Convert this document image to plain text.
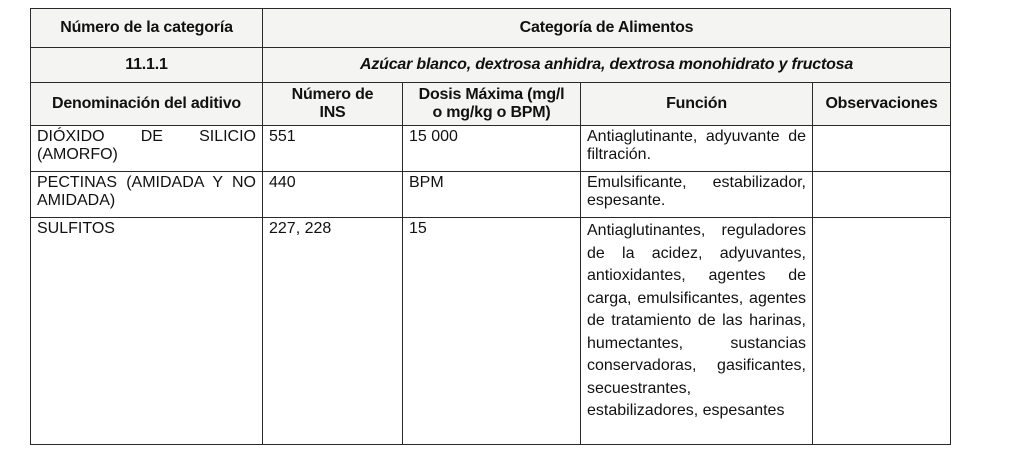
Número de la categoría	Categoría de Alimentos			
11.1.1	Azúcar blanco, dextrosa anhidra, dextrosa monohidrato y fructosa			

Denominación del aditivo	Número de INS	Dosis Máxima (mg/l o mg/kg o BPM)	Función	Observaciones

DIÓXIDO DE SILICIO (AMORFO)	551	15 000	Antiaglutinante, adyuvante de filtración.	

PECTINAS (AMIDADA Y NO AMIDADA)	440	BPM	Emulsificante, estabilizador, espesante.	

SULFITOS	227, 228	15	Antiaglutinantes, reguladores de la acidez, adyuvantes, antioxidantes, agentes de carga, emulsificantes, agentes de tratamiento de las harinas, humectantes, sustancias conservadoras, gasificantes, secuestrantes, estabilizadores, espesantes	
